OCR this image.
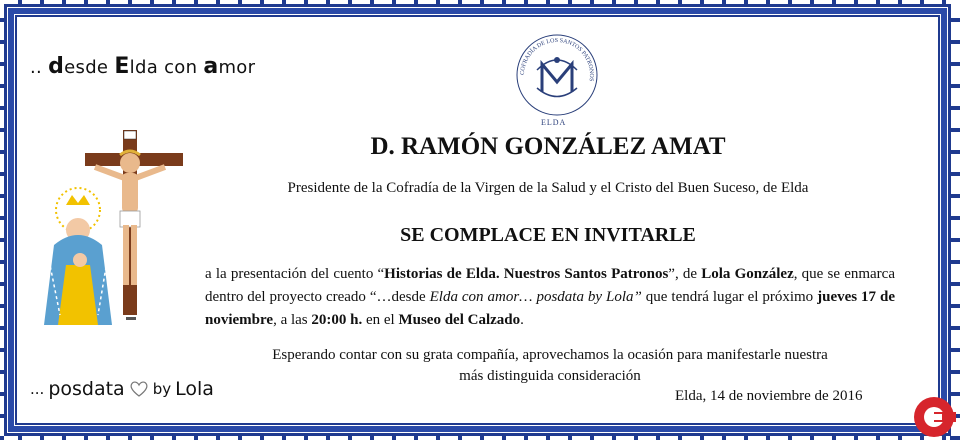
.. desde Elda con amor
... posdata by Lola
COFRADÍA DE LOS SANTOS PATRONOS
ELDA
D. RAMÓN GONZÁLEZ AMAT
Presidente de la Cofradía de la Virgen de la Salud y el Cristo del Buen Suceso, de Elda
SE COMPLACE EN INVITARLE
a la presentación del cuento “Historias de Elda. Nuestros Santos Patronos”, de Lola González, que se enmarca dentro del proyecto creado “…desde Elda con amor… posdata by Lola” que tendrá lugar el próximo jueves 17 de noviembre, a las 20:00 h. en el Museo del Calzado.
Esperando contar con su grata compañía, aprovechamos la ocasión para manifestarle nuestra
más distinguida consideración
Elda, 14 de noviembre de 2016
